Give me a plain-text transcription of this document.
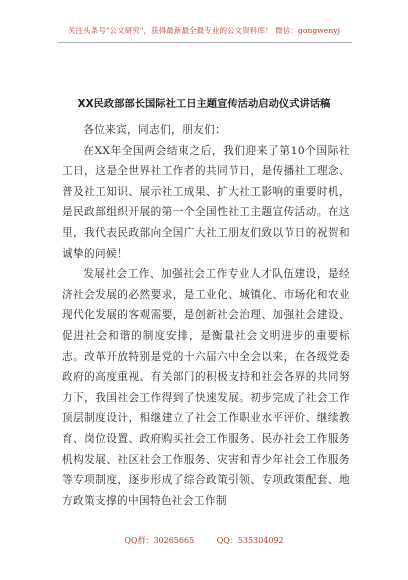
关注头条号"公文研究"，获得最新最全最专业的公文资料库！ 微信：gongwenyj
XX民政部部长国际社工日主题宣传活动启动仪式讲话稿

各位来宾，同志们，朋友们：

在XX年全国两会结束之后，我们迎来了第10个国际社工日，这是全世界社工作者的共同节日，是传播社工理念、普及社工知识、展示社工成果、扩大社工影响的重要时机，是民政部组织开展的第一个全国性社工主题宣传活动。在这里，我代表民政部向全国广大社工朋友们致以节日的祝贺和诚挚的问候！

发展社会工作、加强社会工作专业人才队伍建设，是经济社会发展的必然要求，是工业化、城镇化、市场化和农业现代化发展的客观需要，是创新社会治理、加强社会建设、促进社会和谐的制度安排，是衡量社会文明进步的重要标志。改革开放特别是党的十六届六中全会以来，在各级党委政府的高度重视、有关部门的积极支持和社会各界的共同努力下，我国社会工作得到了快速发展。初步完成了社会工作顶层制度设计，相继建立了社会工作职业水平评价、继续教育、岗位设置、政府购买社会工作服务、民办社会工作服务机构发展、社区社会工作服务、灾害和青少年社会工作服务等专项制度，逐步形成了综合政策引领、专项政策配套、地方政策支撑的中国特色社会工作制

QQ群：30265665	QQ：535304092
